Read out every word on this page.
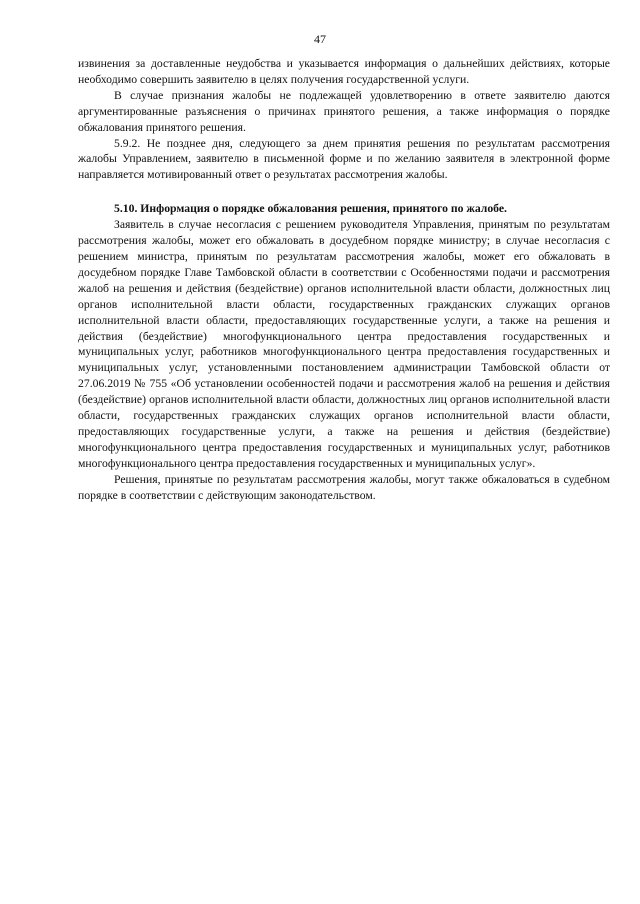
47

извинения за доставленные неудобства и указывается информация о дальнейших действиях, которые необходимо совершить заявителю в целях получения государственной услуги.

В случае признания жалобы не подлежащей удовлетворению в ответе заявителю даются аргументированные разъяснения о причинах принятого решения, а также информация о порядке обжалования принятого решения.

5.9.2. Не позднее дня, следующего за днем принятия решения по результатам рассмотрения жалобы Управлением, заявителю в письменной форме и по желанию заявителя в электронной форме направляется мотивированный ответ о результатах рассмотрения жалобы.

5.10. Информация о порядке обжалования решения, принятого по жалобе.

Заявитель в случае несогласия с решением руководителя Управления, принятым по результатам рассмотрения жалобы, может его обжаловать в досудебном порядке министру; в случае несогласия с решением министра, принятым по результатам рассмотрения жалобы, может его обжаловать в досудебном порядке Главе Тамбовской области в соответствии с Особенностями подачи и рассмотрения жалоб на решения и действия (бездействие) органов исполнительной власти области, должностных лиц органов исполнительной власти области, государственных гражданских служащих органов исполнительной власти области, предоставляющих государственные услуги, а также на решения и действия (бездействие) многофункционального центра предоставления государственных и муниципальных услуг, работников многофункционального центра предоставления государственных и муниципальных услуг, установленными постановлением администрации Тамбовской области от 27.06.2019 № 755 «Об установлении особенностей подачи и рассмотрения жалоб на решения и действия (бездействие) органов исполнительной власти области, должностных лиц органов исполнительной власти области, государственных гражданских служащих органов исполнительной власти области, предоставляющих государственные услуги, а также на решения и действия (бездействие) многофункционального центра предоставления государственных и муниципальных услуг, работников многофункционального центра предоставления государственных и муниципальных услуг».

Решения, принятые по результатам рассмотрения жалобы, могут также обжаловаться в судебном порядке в соответствии с действующим законодательством.
